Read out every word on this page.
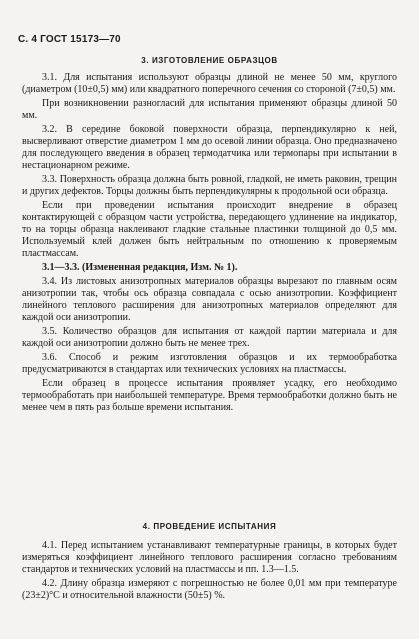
С. 4 ГОСТ 15173—70
3. ИЗГОТОВЛЕНИЕ ОБРАЗЦОВ

3.1. Для испытания используют образцы длиной не менее 50 мм, круглого (диаметром (10±0,5) мм) или квадратного поперечного сечения со стороной (7±0,5) мм.

При возникновении разногласий для испытания применяют образцы длиной 50 мм.

3.2. В середине боковой поверхности образца, перпендикулярно к ней, высверливают отверстие диаметром 1 мм до осевой линии образца. Оно предназначено для последующего введения в образец термодатчика или термопары при испытании в нестационарном режиме.

3.3. Поверхность образца должна быть ровной, гладкой, не иметь раковин, трещин и других дефектов. Торцы должны быть перпендикулярны к продольной оси образца.

Если при проведении испытания происходит внедрение в образец контактирующей с образцом части устройства, передающего удлинение на индикатор, то на торцы образца наклеивают гладкие стальные пластинки толщиной до 0,5 мм. Используемый клей должен быть нейтральным по отношению к проверяемым пластмассам.

3.1—3.3. (Измененная редакция, Изм. № 1).

3.4. Из листовых анизотропных материалов образцы вырезают по главным осям анизотропии так, чтобы ось образца совпадала с осью анизотропии. Коэффициент линейного теплового расширения для анизотропных материалов определяют для каждой оси анизотропии.

3.5. Количество образцов для испытания от каждой партии материала и для каждой оси анизотропии должно быть не менее трех.

3.6. Способ и режим изготовления образцов и их термообработка предусматриваются в стандартах или технических условиях на пластмассы.

Если образец в процессе испытания проявляет усадку, его необходимо термообработать при наибольшей температуре. Время термообработки должно быть не менее чем в пять раз больше времени испытания.

4. ПРОВЕДЕНИЕ ИСПЫТАНИЯ

4.1. Перед испытанием устанавливают температурные границы, в которых будет измеряться коэффициент линейного теплового расширения согласно требованиям стандартов и технических условий на пластмассы и пп. 1.3—1.5.

4.2. Длину образца измеряют с погрешностью не более 0,01 мм при температуре (23±2)°С и относительной влажности (50±5) %.
